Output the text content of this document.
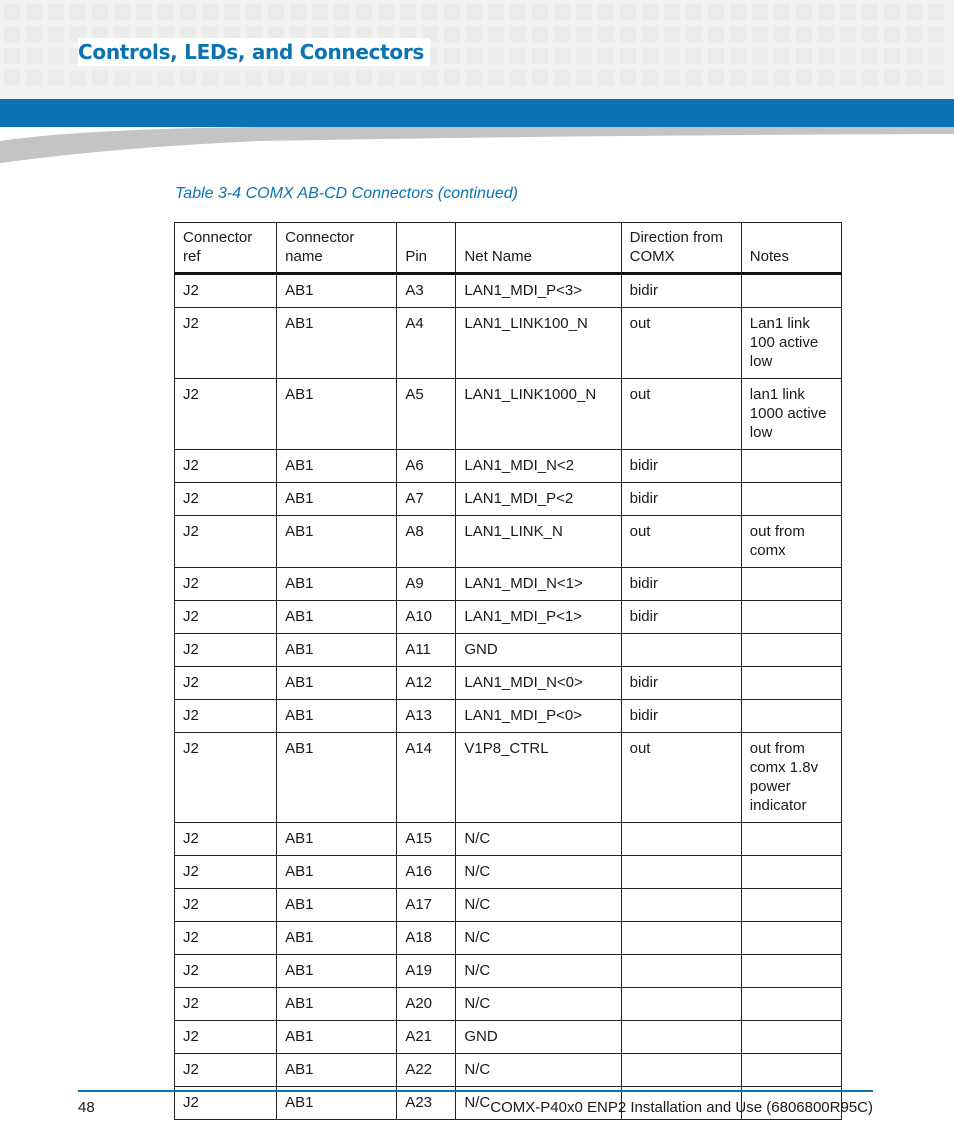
Controls, LEDs, and Connectors
Table 3-4 COMX AB-CD Connectors (continued)
Connector ref	Connector name	Pin	Net Name	Direction from COMX	Notes
J2	AB1	A3	LAN1_MDI_P<3>	bidir	
J2	AB1	A4	LAN1_LINK100_N	out	Lan1 link 100 active low
J2	AB1	A5	LAN1_LINK1000_N	out	lan1 link 1000 active low
J2	AB1	A6	LAN1_MDI_N<2	bidir	
J2	AB1	A7	LAN1_MDI_P<2	bidir	
J2	AB1	A8	LAN1_LINK_N	out	out from comx
J2	AB1	A9	LAN1_MDI_N<1>	bidir	
J2	AB1	A10	LAN1_MDI_P<1>	bidir	
J2	AB1	A11	GND		
J2	AB1	A12	LAN1_MDI_N<0>	bidir	
J2	AB1	A13	LAN1_MDI_P<0>	bidir	
J2	AB1	A14	V1P8_CTRL	out	out from comx 1.8v power indicator
J2	AB1	A15	N/C		
J2	AB1	A16	N/C		
J2	AB1	A17	N/C		
J2	AB1	A18	N/C		
J2	AB1	A19	N/C		
J2	AB1	A20	N/C		
J2	AB1	A21	GND		
J2	AB1	A22	N/C		
J2	AB1	A23	N/C		
48	COMX-P40x0 ENP2 Installation and Use (6806800R95C)
